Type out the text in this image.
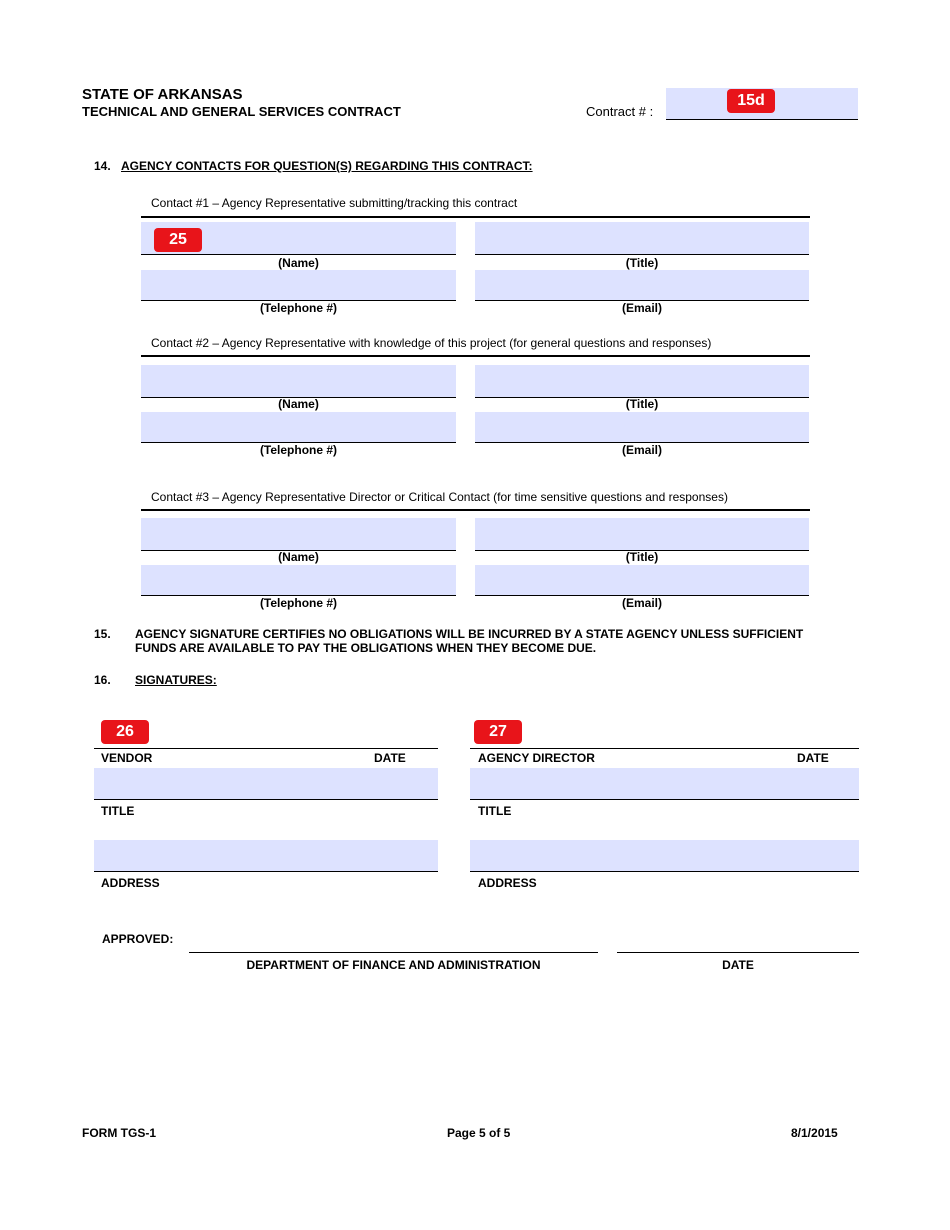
STATE OF ARKANSAS
TECHNICAL AND GENERAL SERVICES CONTRACT	Contract # :
15d
14. AGENCY CONTACTS FOR QUESTION(S) REGARDING THIS CONTRACT:
Contact #1 – Agency Representative submitting/tracking this contract
25
(Name)	(Title)
(Telephone #)	(Email)
Contact #2 – Agency Representative with knowledge of this project (for general questions and responses)
(Name)	(Title)
(Telephone #)	(Email)
Contact #3 – Agency Representative Director or Critical Contact (for time sensitive questions and responses)
(Name)	(Title)
(Telephone #)	(Email)
15. AGENCY SIGNATURE CERTIFIES NO OBLIGATIONS WILL BE INCURRED BY A STATE AGENCY UNLESS SUFFICIENT FUNDS ARE AVAILABLE TO PAY THE OBLIGATIONS WHEN THEY BECOME DUE.
16. SIGNATURES:
26
VENDOR	DATE
TITLE
ADDRESS
27
AGENCY DIRECTOR	DATE
TITLE
ADDRESS
APPROVED:
DEPARTMENT OF FINANCE AND ADMINISTRATION	DATE
FORM TGS-1	Page 5 of 5	8/1/2015
